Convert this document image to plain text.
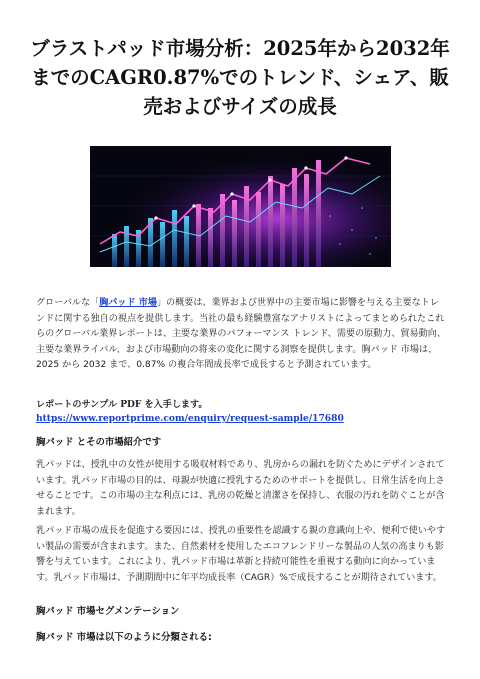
ブラストパッド市場分析：2025年から2032年までのCAGR0.87%でのトレンド、シェア、販売およびサイズの成長

グローバルな「胸パッド 市場」の概要は、業界および世界中の主要市場に影響を与える主要なトレンドに関する独自の視点を提供します。当社の最も経験豊富なアナリストによってまとめられたこれらのグローバル業界レポートは、主要な業界のパフォーマンス トレンド、需要の原動力、貿易動向、主要な業界ライバル、および市場動向の将来の変化に関する洞察を提供します。胸パッド 市場は、2025 から 2032 まで、0.87% の複合年間成長率で成長すると予測されています。

レポートのサンプル PDF を入手します。 https://www.reportprime.com/enquiry/request-sample/17680

胸パッド とその市場紹介です

乳パッドは、授乳中の女性が使用する吸収材料であり、乳房からの漏れを防ぐためにデザインされています。乳パッド市場の目的は、母親が快適に授乳するためのサポートを提供し、日常生活を向上させることです。この市場の主な利点には、乳房の乾燥と清潔さを保持し、衣服の汚れを防ぐことが含まれます。

乳パッド市場の成長を促進する要因には、授乳の重要性を認識する親の意識向上や、便利で使いやすい製品の需要が含まれます。また、自然素材を使用したエコフレンドリーな製品の人気の高まりも影響を与えています。これにより、乳パッド市場は革新と持続可能性を重視する動向に向かっています。乳パッド市場は、予測期間中に年平均成長率（CAGR）%で成長することが期待されています。

胸パッド 市場セグメンテーション
胸パッド 市場は以下のように分類される:
